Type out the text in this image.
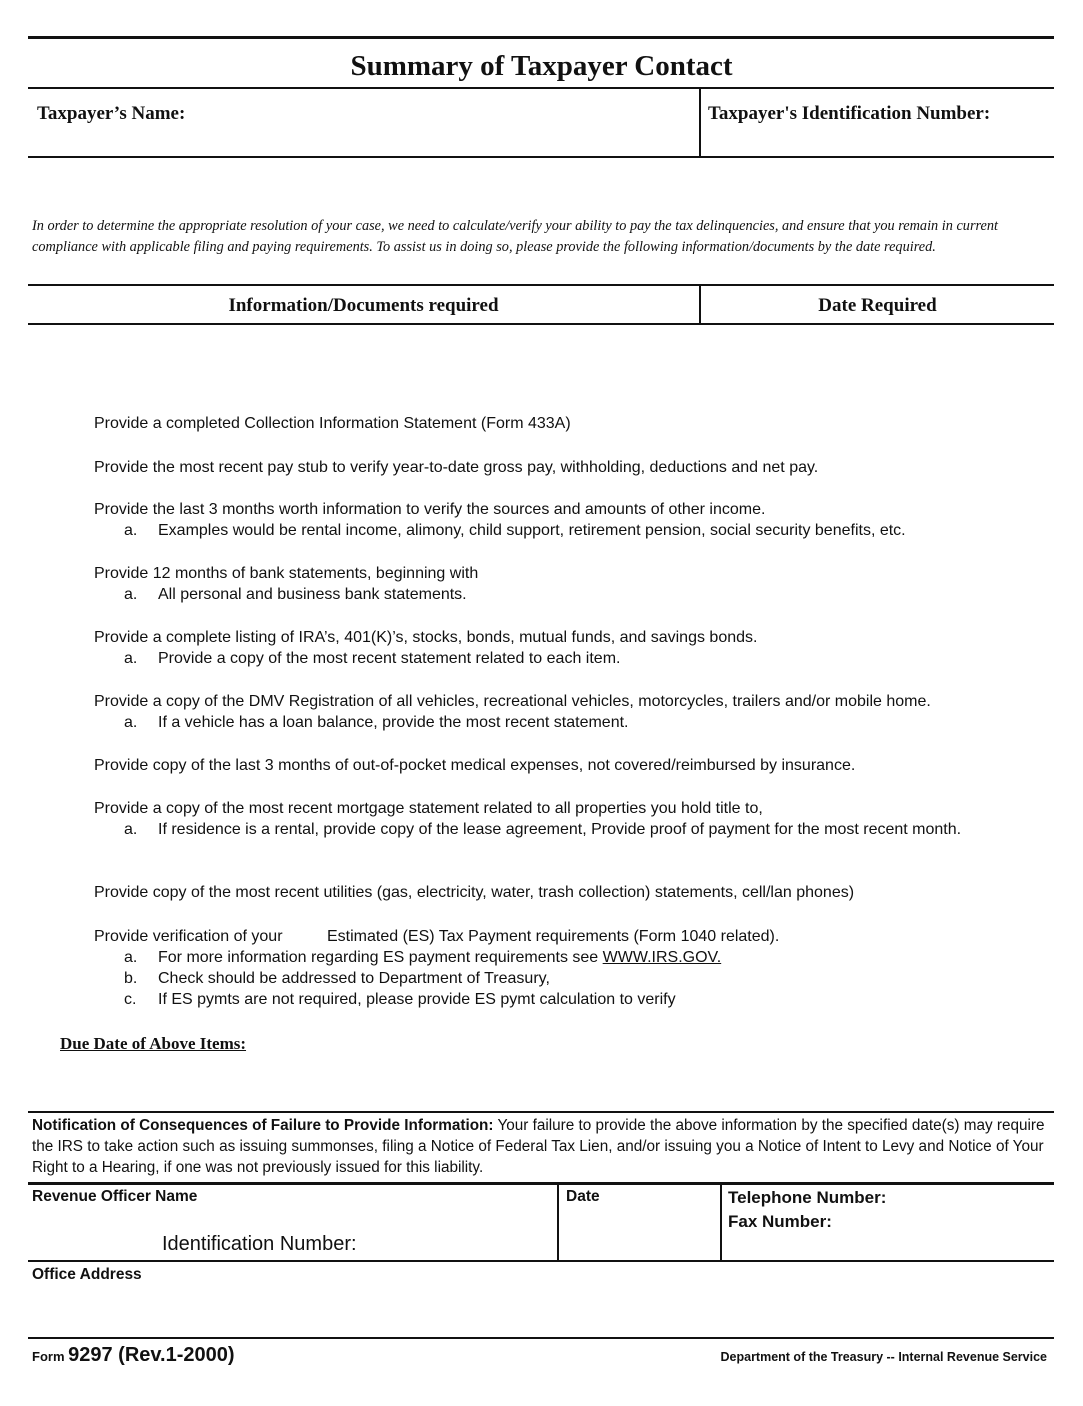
Summary of Taxpayer Contact
Taxpayer’s Name:	Taxpayer's Identification Number:
In order to determine the appropriate resolution of your case, we need to calculate/verify your ability to pay the tax delinquencies, and ensure that you remain in current compliance with applicable filing and paying requirements. To assist us in doing so, please provide the following information/documents by the date required.
Information/Documents required	Date Required
Provide a completed Collection Information Statement (Form 433A)
Provide the most recent pay stub to verify year-to-date gross pay, withholding, deductions and net pay.
Provide the last 3 months worth information to verify the sources and amounts of other income.
a.	Examples would be rental income, alimony, child support, retirement pension, social security benefits, etc.
Provide 12 months of bank statements, beginning with
a.	All personal and business bank statements.
Provide a complete listing of IRA’s, 401(K)’s, stocks, bonds, mutual funds, and savings bonds.
a.	Provide a copy of the most recent statement related to each item.
Provide a copy of the DMV Registration of all vehicles, recreational vehicles, motorcycles, trailers and/or mobile home.
a.	If a vehicle has a loan balance, provide the most recent statement.
Provide copy of the last 3 months of out-of-pocket medical expenses, not covered/reimbursed by insurance.
Provide a copy of the most recent mortgage statement related to all properties you hold title to,
a.	If residence is a rental, provide copy of the lease agreement, Provide proof of payment for the most recent month.
Provide copy of the most recent utilities (gas, electricity, water, trash collection) statements, cell/lan phones)
Provide verification of your          Estimated (ES) Tax Payment requirements (Form 1040 related).
a.	For more information regarding ES payment requirements see WWW.IRS.GOV.
b.	Check should be addressed to Department of Treasury,
c.	If ES pymts are not required, please provide ES pymt calculation to verify
Due Date of Above Items:
Notification of Consequences of Failure to Provide Information: Your failure to provide the above information by the specified date(s) may require the IRS to take action such as issuing summonses, filing a Notice of Federal Tax Lien, and/or issuing you a Notice of Intent to Levy and Notice of Your Right to a Hearing, if one was not previously issued for this liability.
Revenue Officer Name
Identification Number:
Date	Telephone Number:
Fax Number:
Office Address
Form 9297 (Rev.1-2000)	Department of the Treasury -- Internal Revenue Service
